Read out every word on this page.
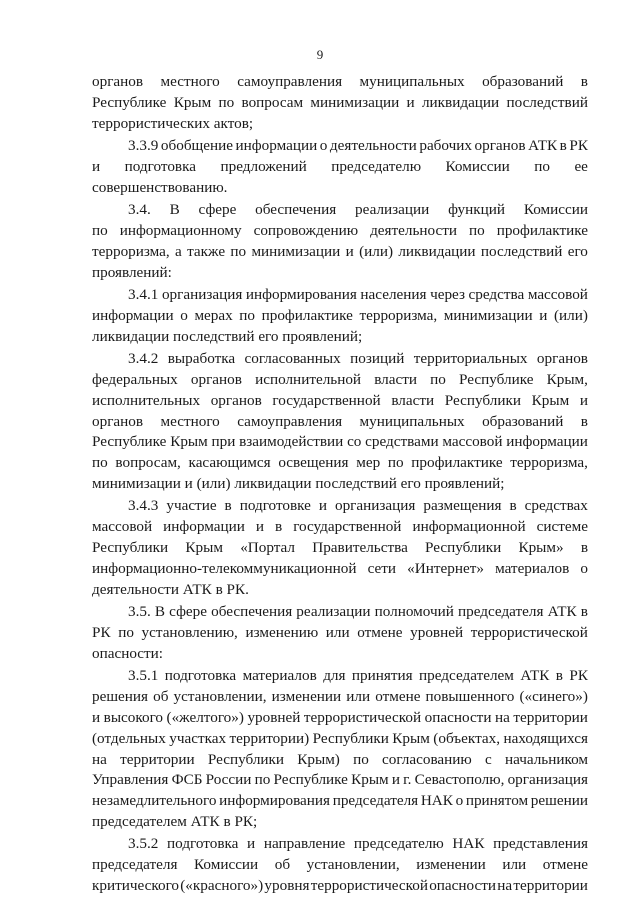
9
органов местного самоуправления муниципальных образований в
Республике Крым по вопросам минимизации и ликвидации последствий
террористических актов;
3.3.9 обобщение информации о деятельности рабочих органов АТК в РК
и подготовка предложений председателю Комиссии по ее
совершенствованию.
3.4. В сфере обеспечения реализации функций Комиссии
по информационному сопровождению деятельности по профилактике
терроризма, а также по минимизации и (или) ликвидации последствий его
проявлений:
3.4.1 организация информирования населения через средства массовой
информации о мерах по профилактике терроризма, минимизации и (или)
ликвидации последствий его проявлений;
3.4.2 выработка согласованных позиций территориальных органов
федеральных органов исполнительной власти по Республике Крым,
исполнительных органов государственной власти Республики Крым и
органов местного самоуправления муниципальных образований в
Республике Крым при взаимодействии со средствами массовой информации
по вопросам, касающимся освещения мер по профилактике терроризма,
минимизации и (или) ликвидации последствий его проявлений;
3.4.3 участие в подготовке и организация размещения в средствах
массовой информации и в государственной информационной системе
Республики Крым «Портал Правительства Республики Крым» в
информационно-телекоммуникационной сети «Интернет» материалов о
деятельности АТК в РК.
3.5. В сфере обеспечения реализации полномочий председателя АТК в
РК по установлению, изменению или отмене уровней террористической
опасности:
3.5.1 подготовка материалов для принятия председателем АТК в РК
решения об установлении, изменении или отмене повышенного («синего»)
и высокого («желтого») уровней террористической опасности на территории
(отдельных участках территории) Республики Крым (объектах, находящихся
на территории Республики Крым) по согласованию с начальником
Управления ФСБ России по Республике Крым и г. Севастополю, организация
незамедлительного информирования председателя НАК о принятом решении
председателем АТК в РК;
3.5.2 подготовка и направление председателю НАК представления
председателя Комиссии об установлении, изменении или отмене
критического («красного») уровня террористической опасности на территории
